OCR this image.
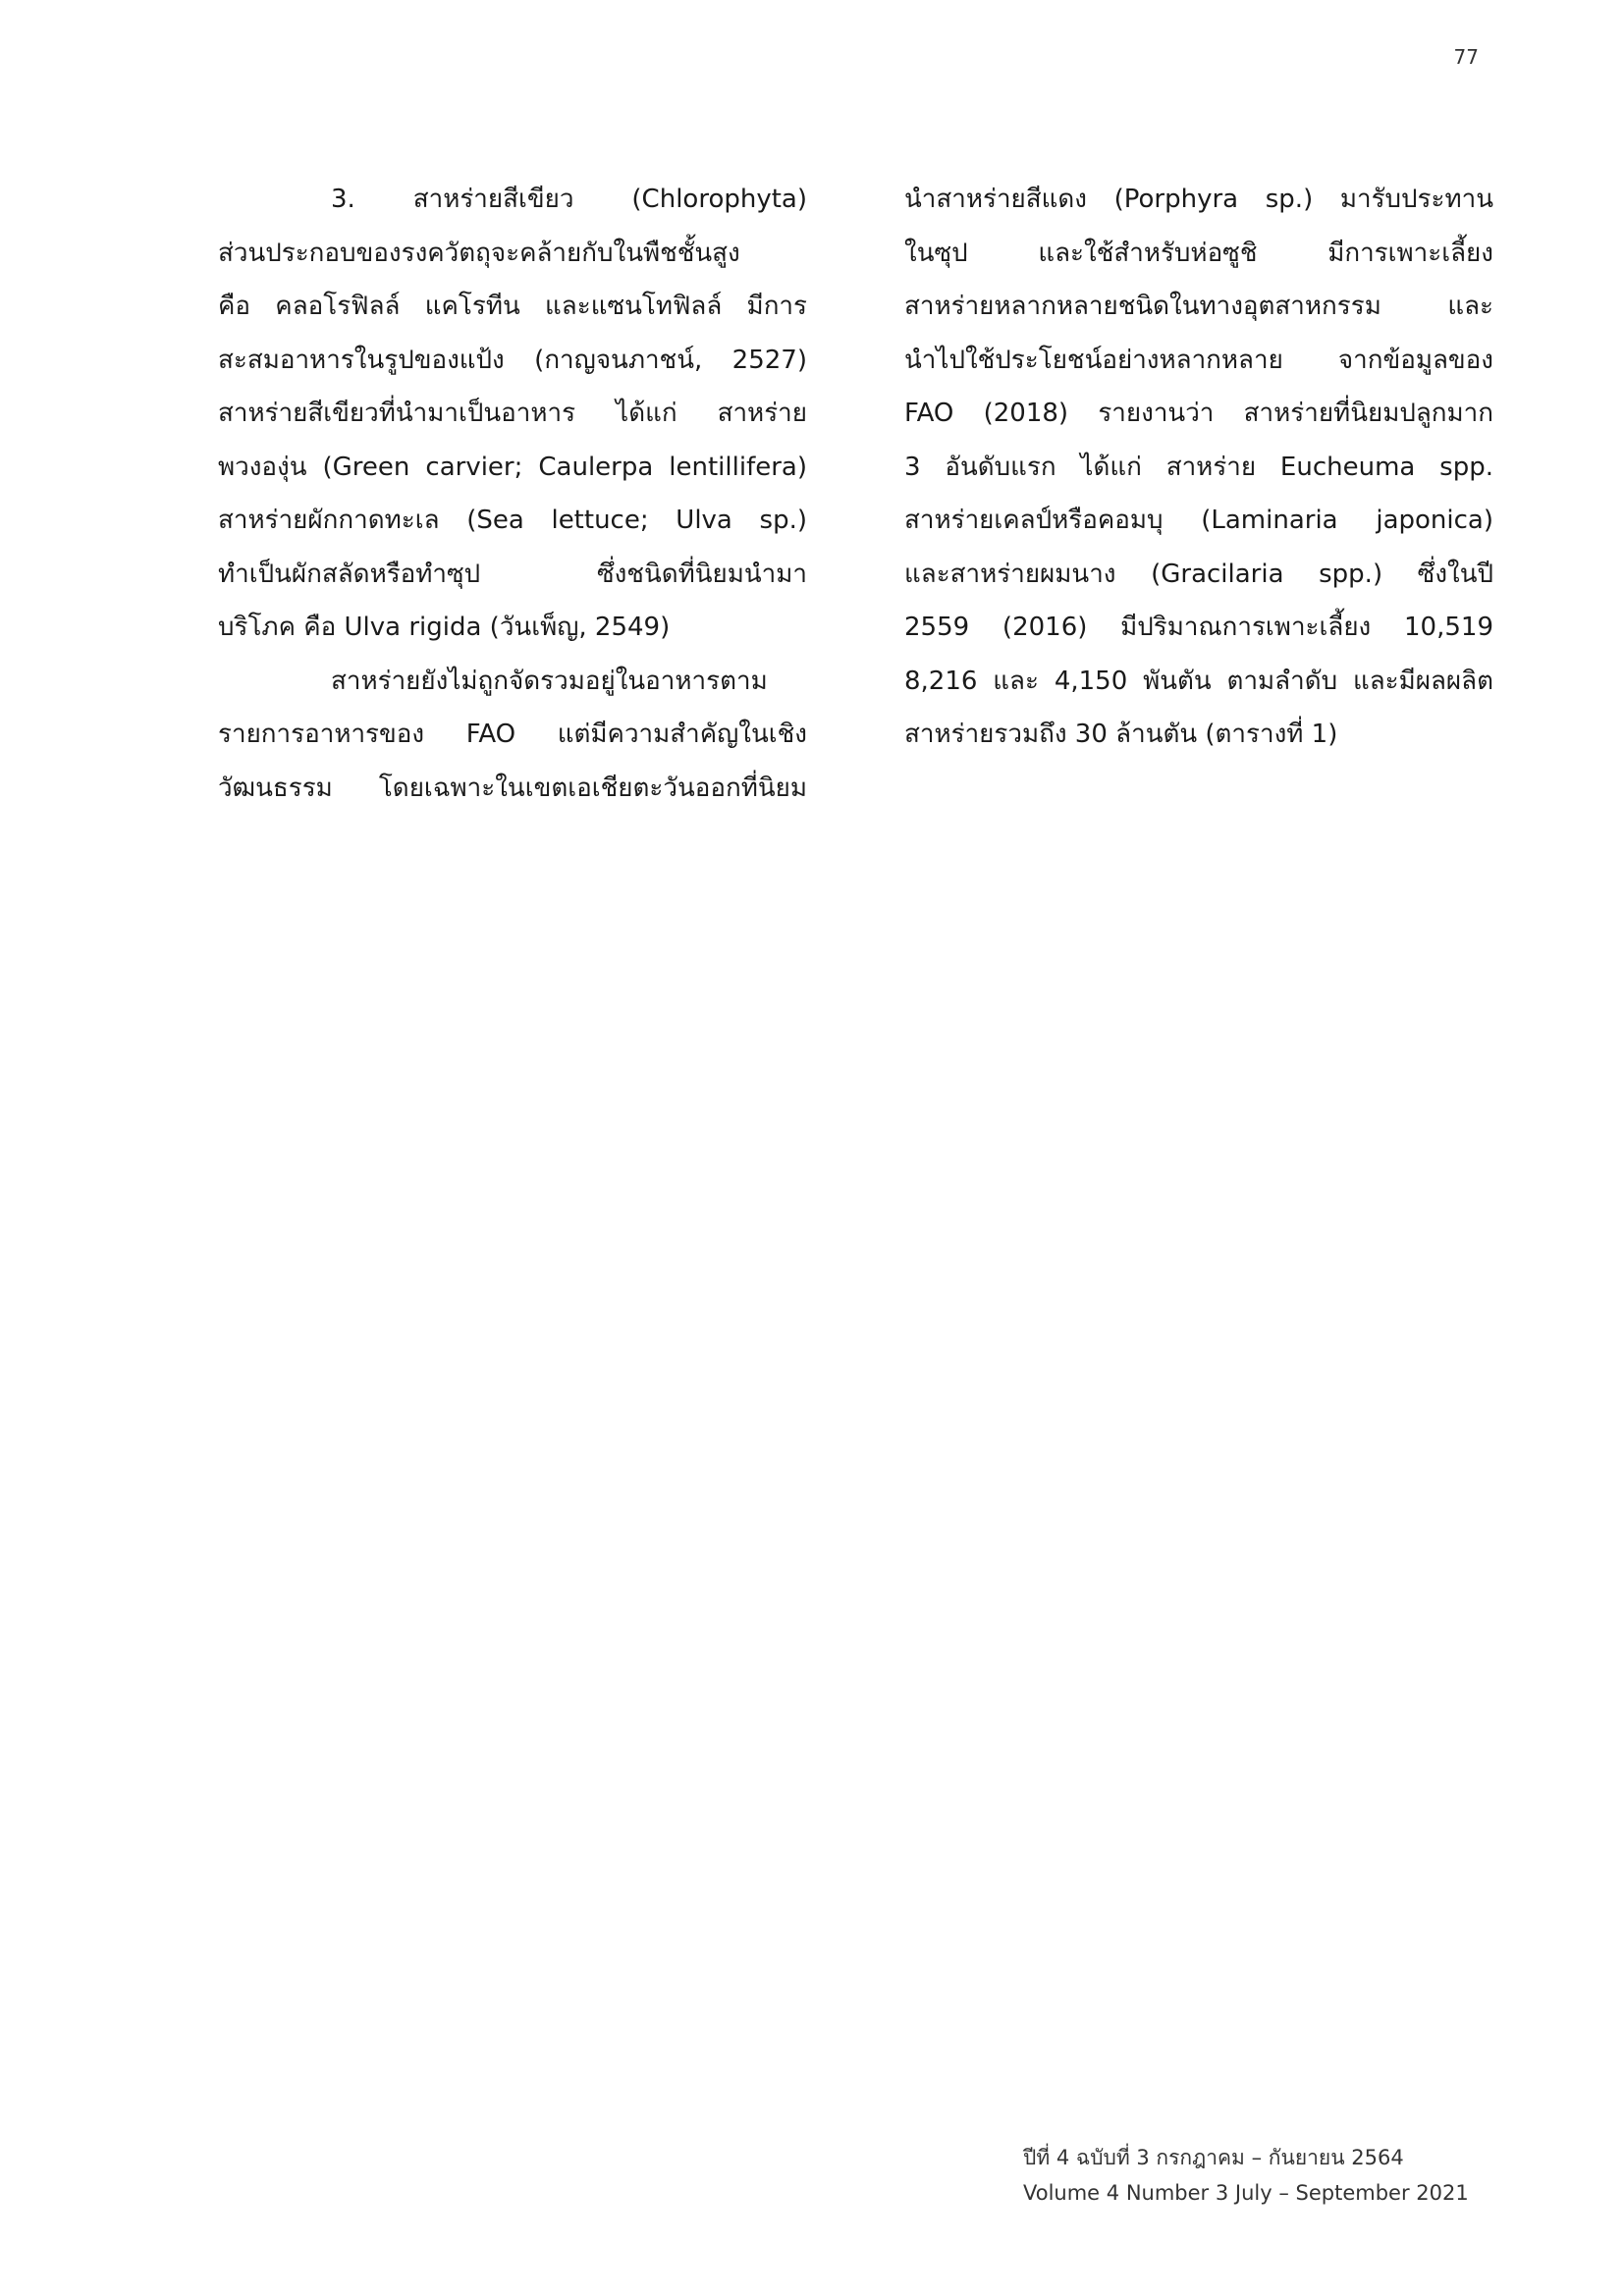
77
3. สาหร่ายสีเขียว (Chlorophyta)
ส่วนประกอบของรงควัตถุจะคล้ายกับในพืชชั้นสูง
คือ คลอโรฟิลล์ แคโรทีน และแซนโทฟิลล์ มีการ
สะสมอาหารในรูปของแป้ง (กาญจนภาชน์, 2527)
สาหร่ายสีเขียวที่นำมาเป็นอาหาร ได้แก่ สาหร่าย
พวงองุ่น (Green carvier; Caulerpa lentillifera)
สาหร่ายผักกาดทะเล (Sea lettuce; Ulva sp.)
ทำเป็นผักสลัดหรือทำซุป ซึ่งชนิดที่นิยมนำมา
บริโภค คือ Ulva rigida (วันเพ็ญ, 2549)
สาหร่ายยังไม่ถูกจัดรวมอยู่ในอาหารตาม
รายการอาหารของ FAO แต่มีความสำคัญในเชิง
วัฒนธรรม โดยเฉพาะในเขตเอเชียตะวันออกที่นิยม
นำสาหร่ายสีแดง (Porphyra sp.) มารับประทาน
ในซุป และใช้สำหรับห่อซูชิ มีการเพาะเลี้ยง
สาหร่ายหลากหลายชนิดในทางอุตสาหกรรม และ
นำไปใช้ประโยชน์อย่างหลากหลาย จากข้อมูลของ
FAO (2018) รายงานว่า สาหร่ายที่นิยมปลูกมาก
3 อันดับแรก ได้แก่ สาหร่าย Eucheuma spp.
สาหร่ายเคลป์หรือคอมบุ (Laminaria japonica)
และสาหร่ายผมนาง (Gracilaria spp.) ซึ่งในปี
2559 (2016) มีปริมาณการเพาะเลี้ยง 10,519
8,216 และ 4,150 พันตัน ตามลำดับ และมีผลผลิต
สาหร่ายรวมถึง 30 ล้านตัน (ตารางที่ 1)
ปีที่ 4 ฉบับที่ 3 กรกฎาคม – กันยายน 2564
Volume 4 Number 3 July – September 2021
